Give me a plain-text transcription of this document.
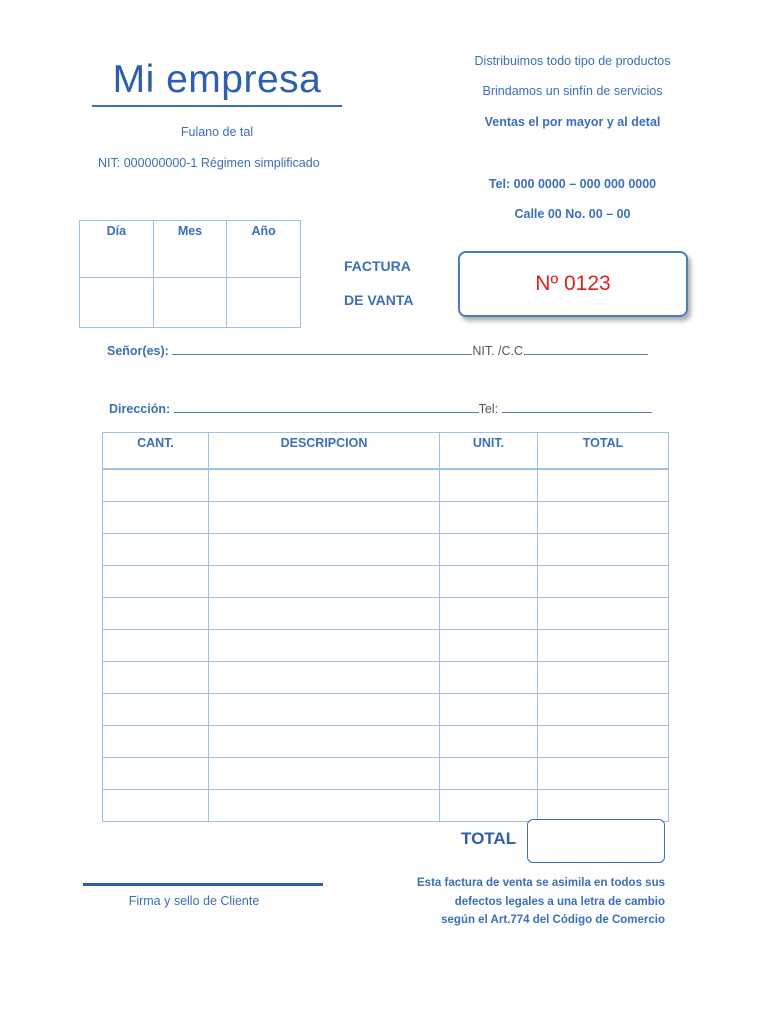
Mi empresa
Fulano de tal
NIT: 000000000-1 Régimen simplificado
Distribuimos todo tipo de productos
Brindamos un sinfín de servicios
Ventas el por mayor y al detal
Tel: 000 0000 – 000 000 0000
Calle 00 No. 00 – 00
Día	Mes	Año

FACTURA
DE VANTA
Nº 0123
Señor(es):	NIT. /C.C.
Dirección:	Tel:
CANT.	DESCRIPCION	UNIT.	TOTAL

TOTAL
Firma y sello de Cliente
Esta factura de venta se asimila en todos sus
defectos legales a una letra de cambio
según el Art.774 del Código de Comercio
